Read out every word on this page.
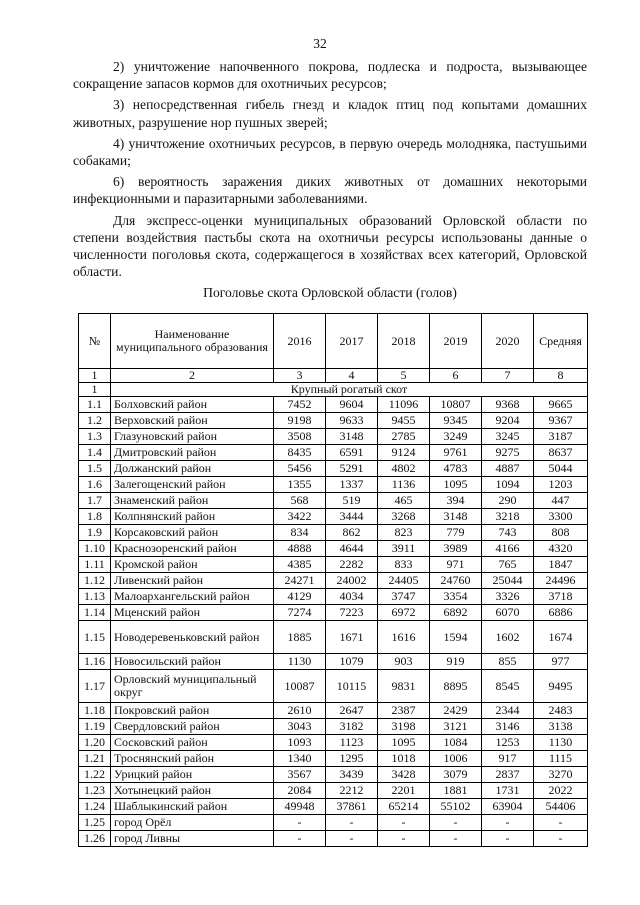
32

2) уничтожение напочвенного покрова, подлеска и подроста, вызывающее сокращение запасов кормов для охотничьих ресурсов;

3) непосредственная гибель гнезд и кладок птиц под копытами домашних животных, разрушение нор пушных зверей;

4) уничтожение охотничьих ресурсов, в первую очередь молодняка, пастушьими собаками;

6) вероятность заражения диких животных от домашних некоторыми инфекционными и паразитарными заболеваниями.

Для экспресс-оценки муниципальных образований Орловской области по степени воздействия пастьбы скота на охотничьи ресурсы использованы данные о численности поголовья скота, содержащегося в хозяйствах всех категорий, Орловской области.

Поголовье скота Орловской области (голов)
№	Наименование муниципального образования	2016	2017	2018	2019	2020	Средняя
1	2	3	4	5	6	7	8
1	Крупный рогатый скот						
1.1	Болховский район	7452	9604	11096	10807	9368	9665
1.2	Верховский район	9198	9633	9455	9345	9204	9367
1.3	Глазуновский район	3508	3148	2785	3249	3245	3187
1.4	Дмитровский район	8435	6591	9124	9761	9275	8637
1.5	Должанский район	5456	5291	4802	4783	4887	5044
1.6	Залегощенский район	1355	1337	1136	1095	1094	1203
1.7	Знаменский район	568	519	465	394	290	447
1.8	Колпнянский район	3422	3444	3268	3148	3218	3300
1.9	Корсаковский район	834	862	823	779	743	808
1.10	Краснозоренский район	4888	4644	3911	3989	4166	4320
1.11	Кромской район	4385	2282	833	971	765	1847
1.12	Ливенский район	24271	24002	24405	24760	25044	24496
1.13	Малоархангельский район	4129	4034	3747	3354	3326	3718
1.14	Мценский район	7274	7223	6972	6892	6070	6886
1.15	Новодеревеньковский район	1885	1671	1616	1594	1602	1674
1.16	Новосильский район	1130	1079	903	919	855	977
1.17	Орловский муниципальный округ	10087	10115	9831	8895	8545	9495
1.18	Покровский район	2610	2647	2387	2429	2344	2483
1.19	Свердловский район	3043	3182	3198	3121	3146	3138
1.20	Сосковский район	1093	1123	1095	1084	1253	1130
1.21	Троснянский район	1340	1295	1018	1006	917	1115
1.22	Урицкий район	3567	3439	3428	3079	2837	3270
1.23	Хотынецкий район	2084	2212	2201	1881	1731	2022
1.24	Шаблыкинский район	49948	37861	65214	55102	63904	54406
1.25	город Орёл	-	-	-	-	-	-
1.26	город Ливны	-	-	-	-	-	-
